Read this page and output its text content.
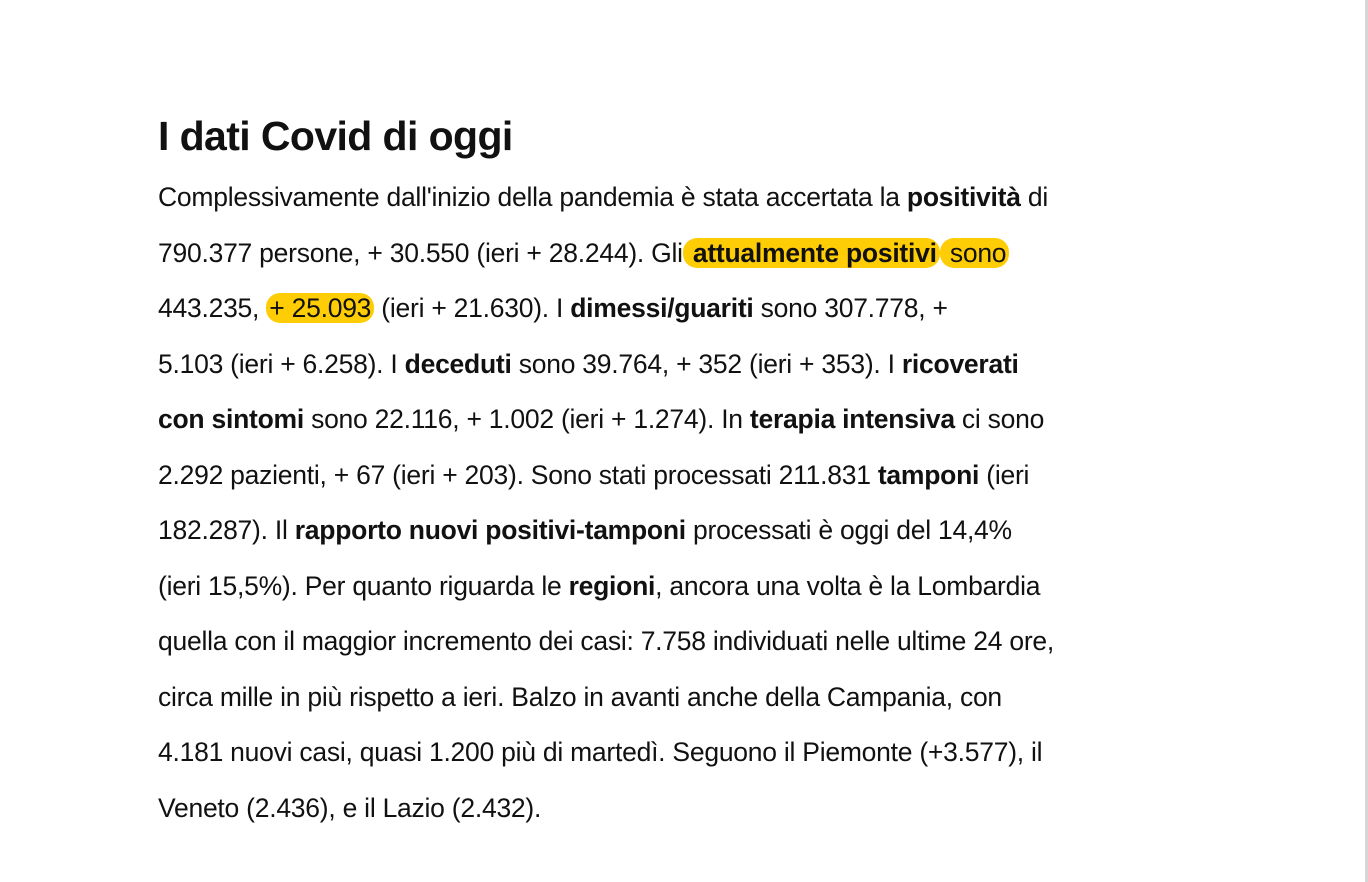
I dati Covid di oggi

Complessivamente dall'inizio della pandemia è stata accertata la positività di
790.377 persone, + 30.550 (ieri + 28.244). Gli attualmente positivi sono
443.235, + 25.093 (ieri + 21.630). I dimessi/guariti sono 307.778, +
5.103 (ieri + 6.258). I deceduti sono 39.764, + 352 (ieri + 353). I ricoverati
con sintomi sono 22.116, + 1.002 (ieri + 1.274). In terapia intensiva ci sono
2.292 pazienti, + 67 (ieri + 203). Sono stati processati 211.831 tamponi (ieri
182.287). Il rapporto nuovi positivi-tamponi processati è oggi del 14,4%
(ieri 15,5%). Per quanto riguarda le regioni, ancora una volta è la Lombardia
quella con il maggior incremento dei casi: 7.758 individuati nelle ultime 24 ore,
circa mille in più rispetto a ieri. Balzo in avanti anche della Campania, con
4.181 nuovi casi, quasi 1.200 più di martedì. Seguono il Piemonte (+3.577), il
Veneto (2.436), e il Lazio (2.432).
